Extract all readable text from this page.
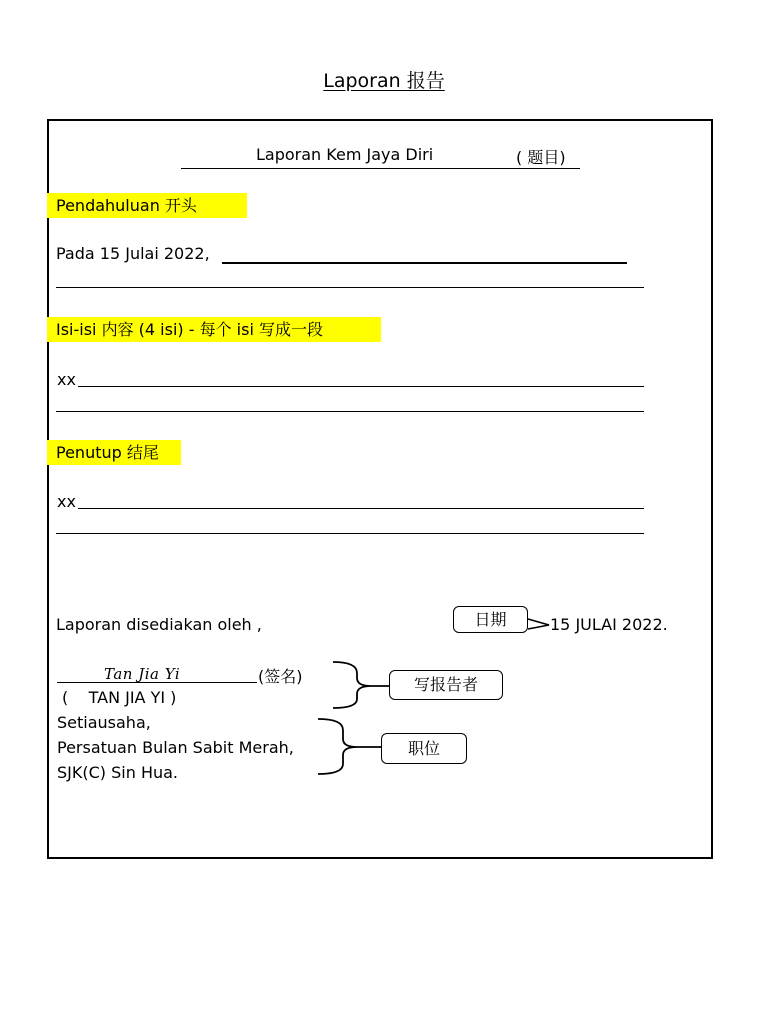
Laporan 报告
Laporan Kem Jaya Diri	( 题目)
Pendahuluan 开头
Pada 15 Julai 2022,
Isi-isi 内容 (4 isi) - 每个 isi 写成一段
xx
Penutup 结尾
xx
Laporan disediakan oleh ,	日期	15 JULAI 2022.
Tan Jia Yi	(签名)
(    TAN JIA YI )
写报告者
Setiausaha,
Persatuan Bulan Sabit Merah,
SJK(C) Sin Hua.
职位
